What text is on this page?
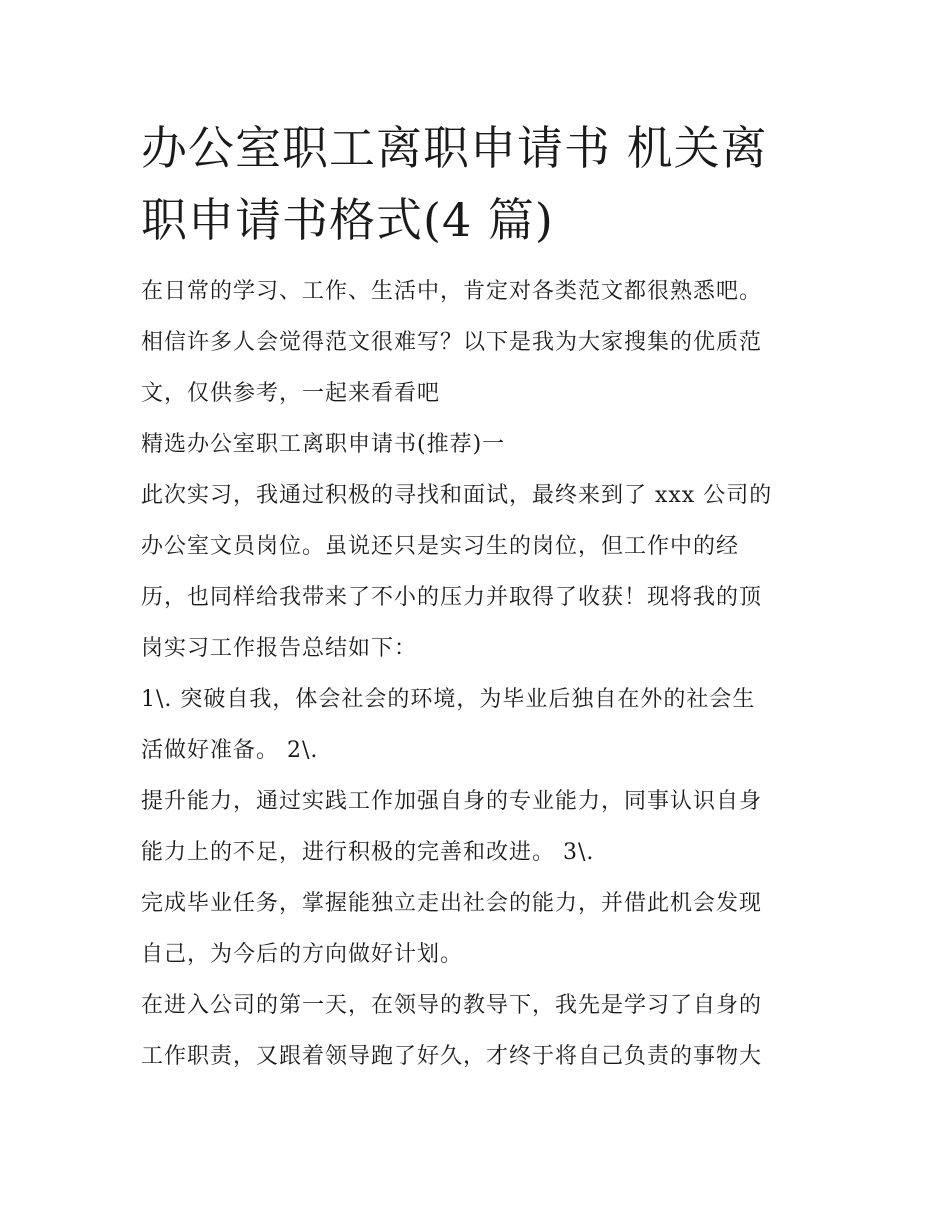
办公室职工离职申请书 机关离
职申请书格式(4 篇)
在日常的学习、工作、生活中，肯定对各类范文都很熟悉吧。
相信许多人会觉得范文很难写？以下是我为大家搜集的优质范
文，仅供参考，一起来看看吧
精选办公室职工离职申请书(推荐)一
此次实习，我通过积极的寻找和面试，最终来到了 xxx 公司的
办公室文员岗位。虽说还只是实习生的岗位，但工作中的经
历，也同样给我带来了不小的压力并取得了收获！现将我的顶
岗实习工作报告总结如下：
1\. 突破自我，体会社会的环境，为毕业后独自在外的社会生
活做好准备。 2\.
提升能力，通过实践工作加强自身的专业能力，同事认识自身
能力上的不足，进行积极的完善和改进。 3\.
完成毕业任务，掌握能独立走出社会的能力，并借此机会发现
自己，为今后的方向做好计划。
在进入公司的第一天，在领导的教导下，我先是学习了自身的
工作职责，又跟着领导跑了好久，才终于将自己负责的事物大
